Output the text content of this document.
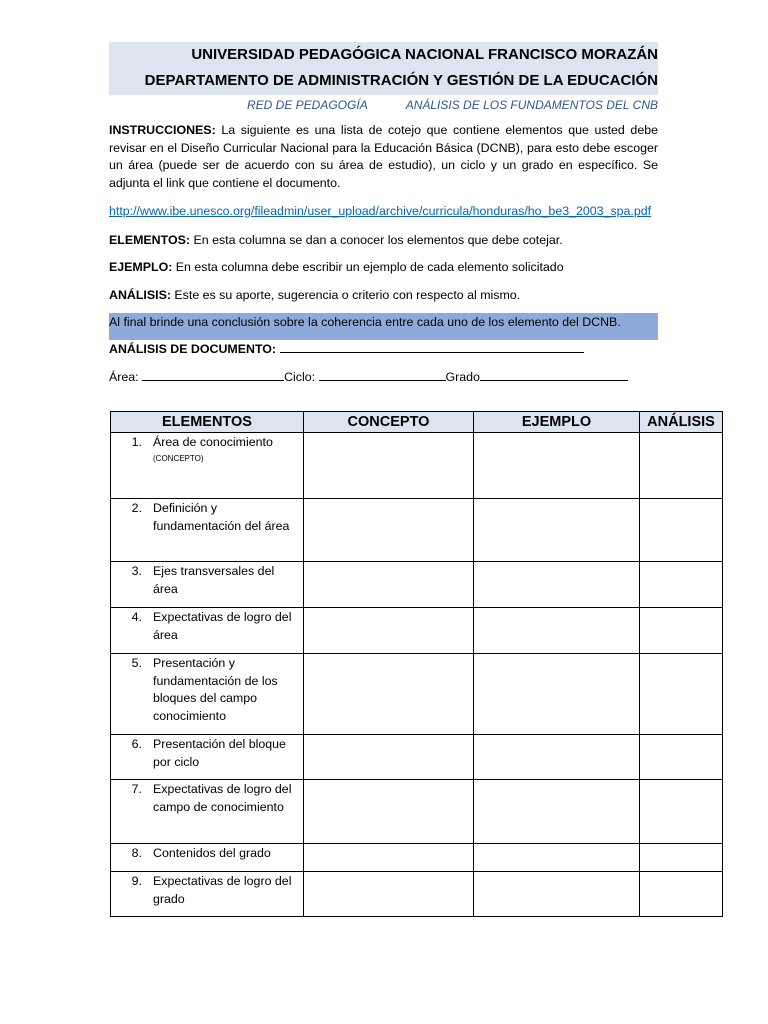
UNIVERSIDAD PEDAGÓGICA NACIONAL FRANCISCO MORAZÁN
DEPARTAMENTO DE ADMINISTRACIÓN Y GESTIÓN DE LA EDUCACIÓN
RED DE PEDAGOGÍA	ANÁLISIS DE LOS FUNDAMENTOS DEL CNB

INSTRUCCIONES: La siguiente es una lista de cotejo que contiene elementos que usted debe revisar en el Diseño Curricular Nacional para la Educación Básica (DCNB), para esto debe escoger un área (puede ser de acuerdo con su área de estudio), un ciclo y un grado en específico. Se adjunta el link que contiene el documento.

http://www.ibe.unesco.org/fileadmin/user_upload/archive/curricula/honduras/ho_be3_2003_spa.pdf

ELEMENTOS: En esta columna se dan a conocer los elementos que debe cotejar.

EJEMPLO: En esta columna debe escribir un ejemplo de cada elemento solicitado

ANÁLISIS: Este es su aporte, sugerencia o criterio con respecto al mismo.

Al final brinde una conclusión sobre la coherencia entre cada uno de los elemento del DCNB.

ANÁLISIS DE DOCUMENTO:

Área:	Ciclo:	Grado

ELEMENTOS	CONCEPTO	EJEMPLO	ANÁLISIS

1. Área de conocimiento
(CONCEPTO)			

2. Definición y fundamentación del área			

3. Ejes transversales del área			

4. Expectativas de logro del área			

5. Presentación y fundamentación de los bloques del campo conocimiento			

6. Presentación del bloque por ciclo			

7. Expectativas de logro del campo de conocimiento			

8. Contenidos del grado			

9. Expectativas de logro del grado			
